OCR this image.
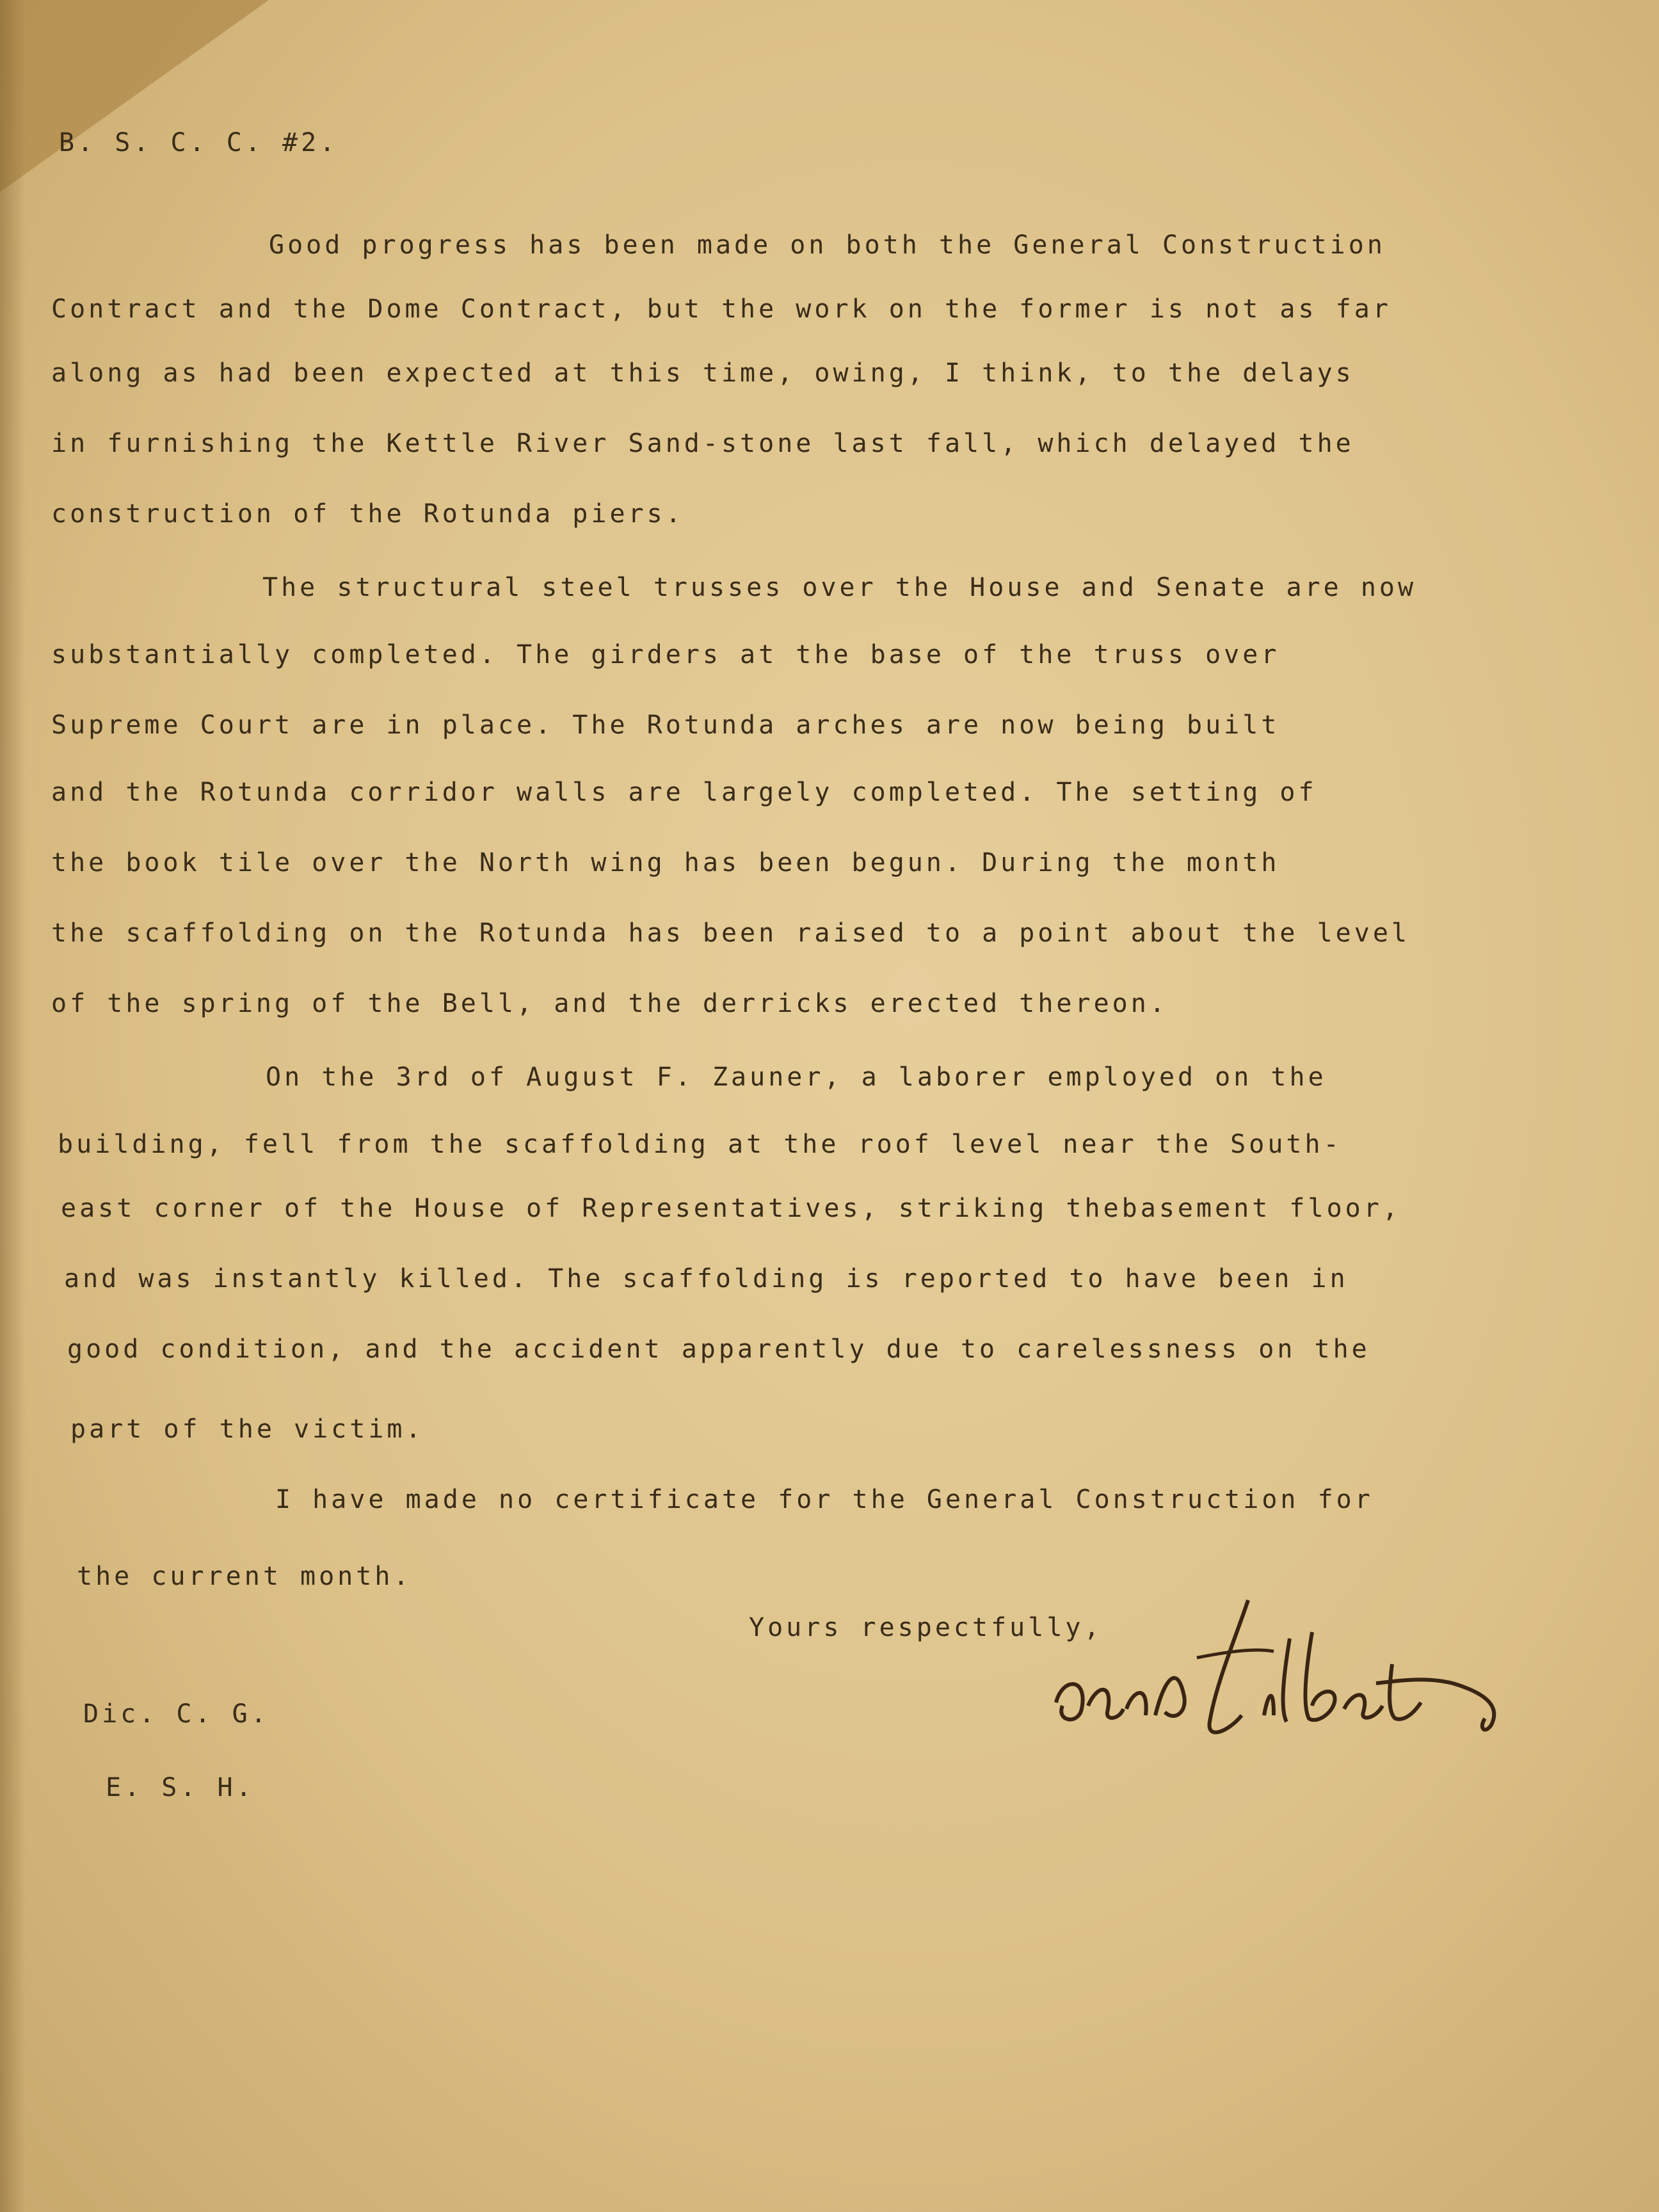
B. S. C. C. #2.

Good progress has been made on both the General Construction

Contract and the Dome Contract, but the work on the former is not as far

along as had been expected at this time, owing, I think, to the delays

in furnishing the Kettle River Sand-stone last fall, which delayed the

construction of the Rotunda piers.

The structural steel trusses over the House and Senate are now

substantially completed. The girders at the base of the truss over

Supreme Court are in place. The Rotunda arches are now being built

and the Rotunda corridor walls are largely completed. The setting of

the book tile over the North wing has been begun. During the month

the scaffolding on the Rotunda has been raised to a point about the level

of the spring of the Bell, and the derricks erected thereon.

On the 3rd of August F. Zauner, a laborer employed on the

building, fell from the scaffolding at the roof level near the South-

east corner of the House of Representatives, striking thebasement floor,

and was instantly killed. The scaffolding is reported to have been in

good condition, and the accident apparently due to carelessness on the

part of the victim.

I have made no certificate for the General Construction for

the current month.

Yours respectfully,

Dic. C. G.

E. S. H.
